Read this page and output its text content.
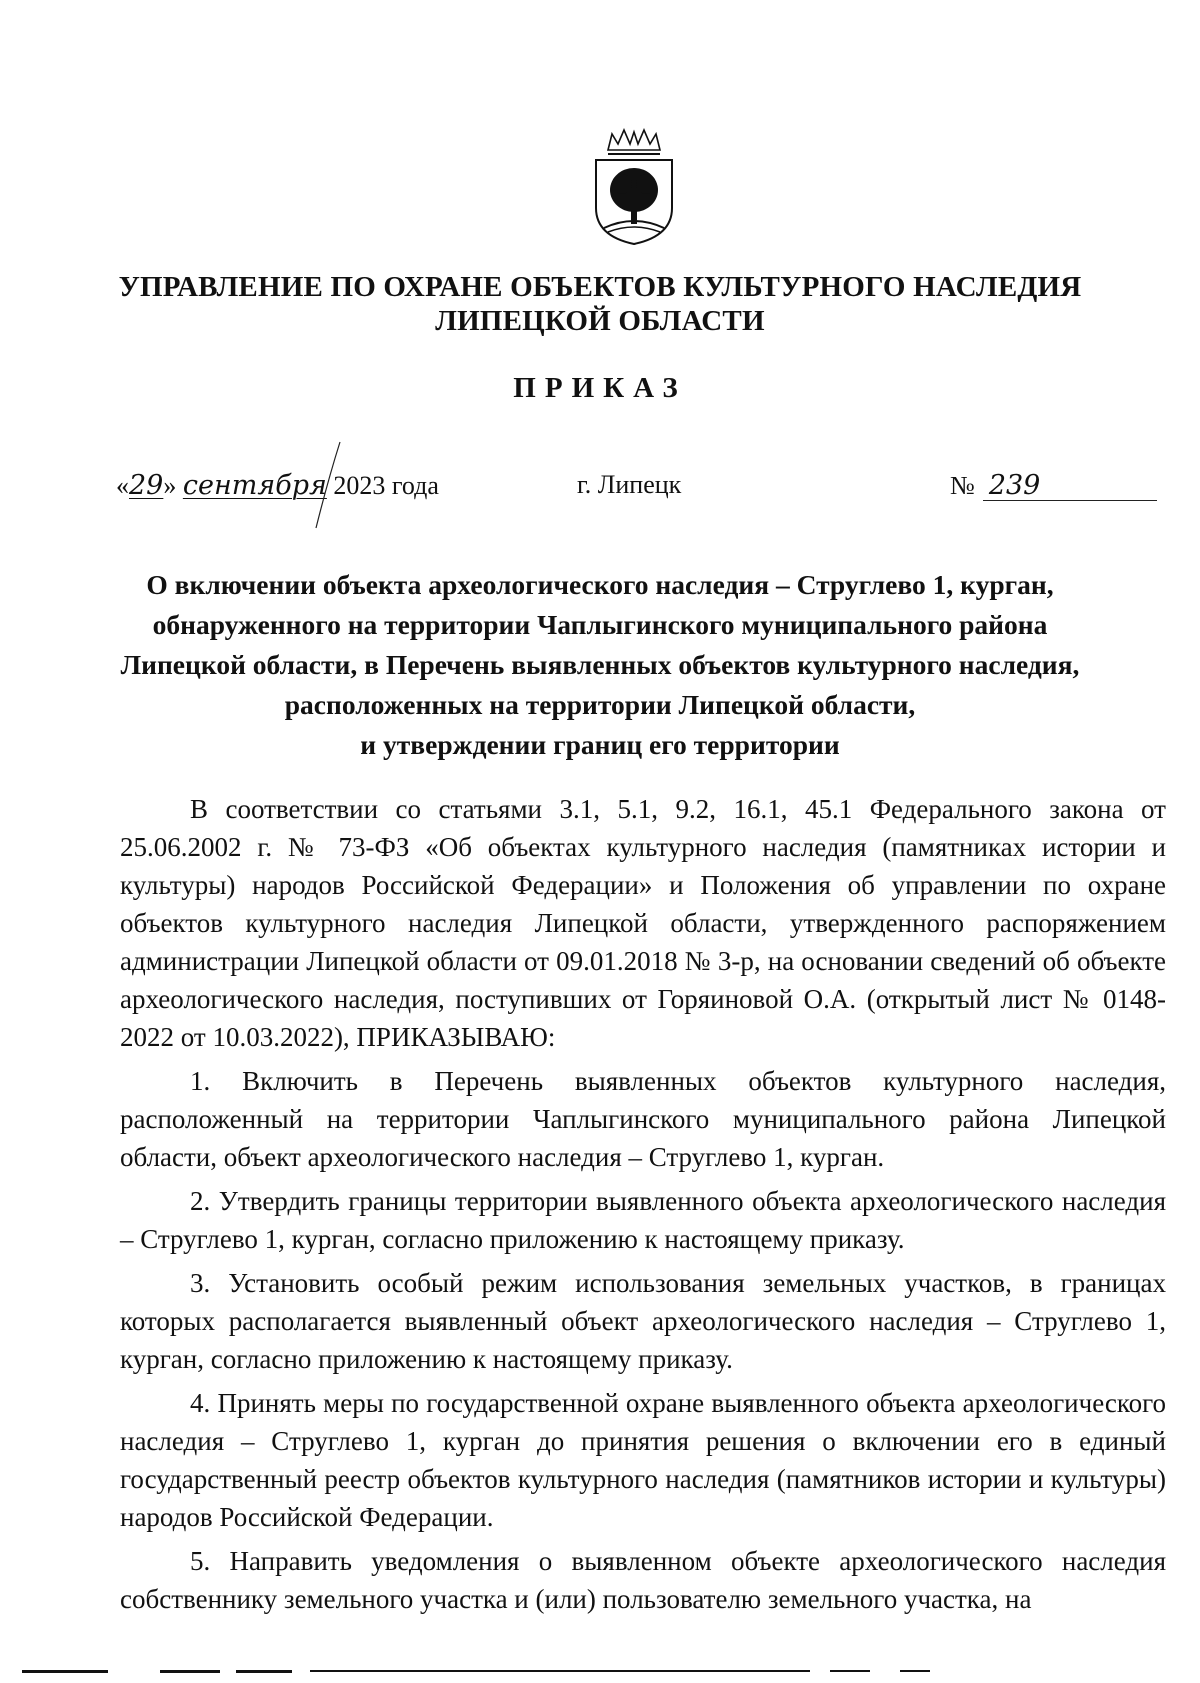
УПРАВЛЕНИЕ ПО ОХРАНЕ ОБЪЕКТОВ КУЛЬТУРНОГО НАСЛЕДИЯ
ЛИПЕЦКОЙ ОБЛАСТИ
ПРИКАЗ
«29» сентября 2023 года	г. Липецк	№ 239
О включении объекта археологического наследия – Струглево 1, курган,
обнаруженного на территории Чаплыгинского муниципального района
Липецкой области, в Перечень выявленных объектов культурного наследия,
расположенных на территории Липецкой области,
и утверждении границ его территории

В соответствии со статьями 3.1, 5.1, 9.2, 16.1, 45.1 Федерального закона от 25.06.2002 г. № 73-ФЗ «Об объектах культурного наследия (памятниках истории и культуры) народов Российской Федерации» и Положения об управлении по охране объектов культурного наследия Липецкой области, утвержденного распоряжением администрации Липецкой области от 09.01.2018 № 3-р, на основании сведений об объекте археологического наследия, поступивших от Горяиновой О.А. (открытый лист № 0148-2022 от 10.03.2022), ПРИКАЗЫВАЮ:

1. Включить в Перечень выявленных объектов культурного наследия, расположенный на территории Чаплыгинского муниципального района Липецкой области, объект археологического наследия – Струглево 1, курган.

2. Утвердить границы территории выявленного объекта археологического наследия – Струглево 1, курган, согласно приложению к настоящему приказу.

3. Установить особый режим использования земельных участков, в границах которых располагается выявленный объект археологического наследия – Струглево 1, курган, согласно приложению к настоящему приказу.

4. Принять меры по государственной охране выявленного объекта археологического наследия – Струглево 1, курган до принятия решения о включении его в единый государственный реестр объектов культурного наследия (памятников истории и культуры) народов Российской Федерации.

5. Направить уведомления о выявленном объекте археологического наследия собственнику земельного участка и (или) пользователю земельного участка, на
